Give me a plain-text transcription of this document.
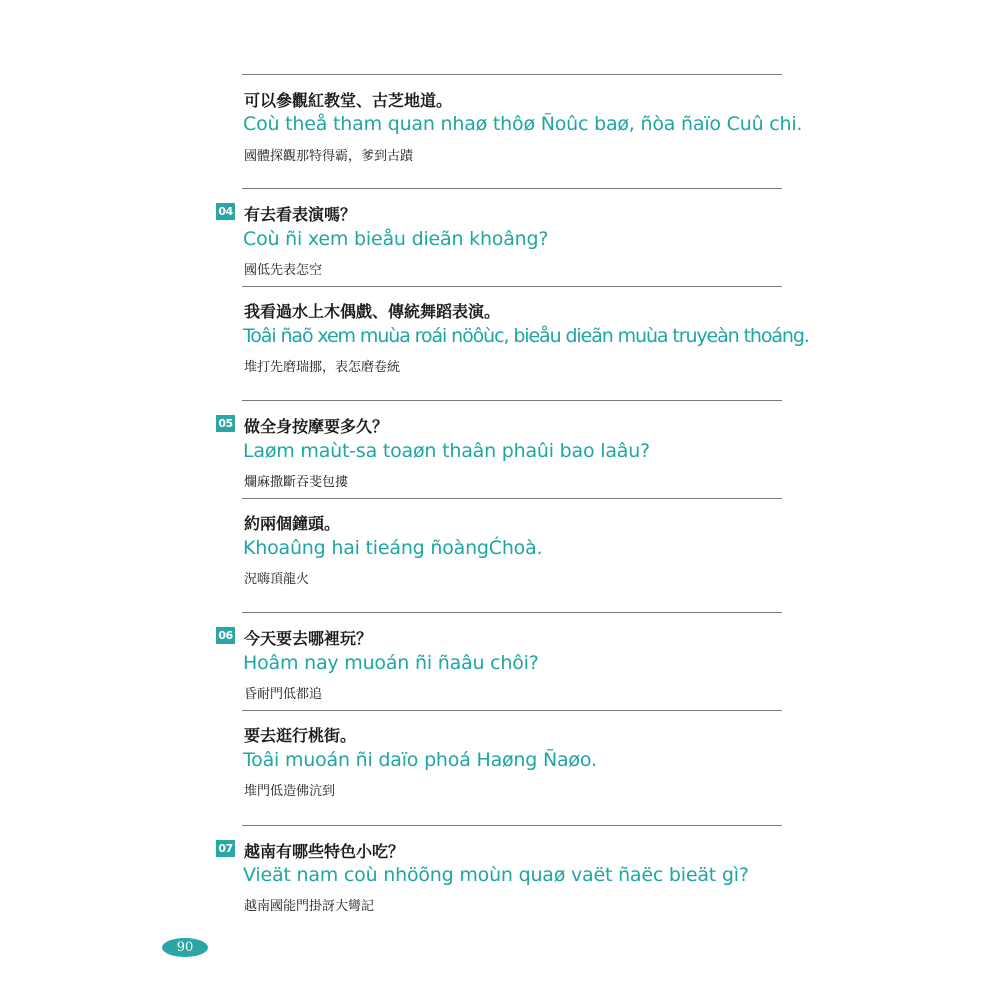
可以參觀紅教堂、古芝地道。
Coù theå tham quan nhaø thôø Ñoûc baø, ñòa ñaïo Cuû chi.
國體探觀那特得霸，爹到古蹟
04 有去看表演嗎？
Coù ñi xem bieåu dieãn khoâng?
國低先表怎空
我看過水上木偶戲、傳統舞蹈表演。
Toâi ñaõ xem muùa roái nöôùc, bieåu dieãn muùa truyeàn thoáng.
堆打先磨瑞挪，表怎磨卷統
05 做全身按摩要多久？
Laøm maùt-sa toaøn thaân phaûi bao laâu?
爛麻撒斷吞斐包摟
約兩個鐘頭。
Khoaûng hai tieáng ñoàngĆhoà.
況嗨頂龍火
06 今天要去哪裡玩？
Hoâm nay muoán ñi ñaâu chôi?
昏耐門低都追
要去逛行桃街。
Toâi muoán ñi daïo phoá Haøng Ñaøo.
堆門低造佛沆到
07 越南有哪些特色小吃？
Vieät nam coù nhöõng moùn quaø vaët ñaëc bieät gì?
越南國能門掛訝大彎記
90
